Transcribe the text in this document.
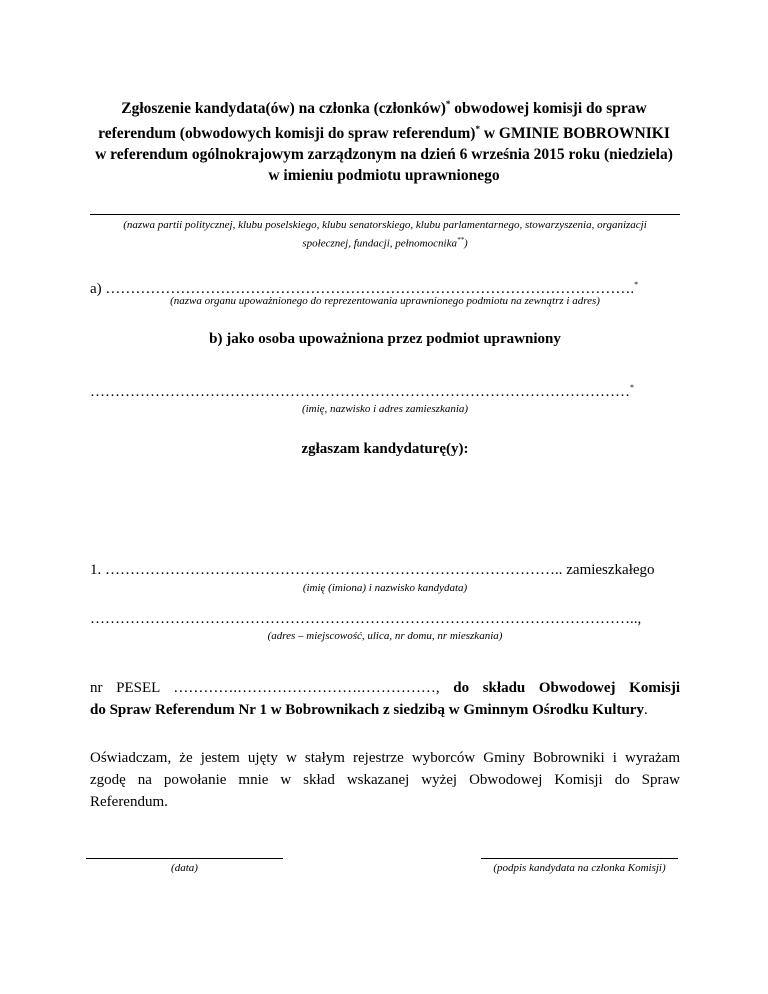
Zgłoszenie kandydata(ów) na członka (członków)* obwodowej komisji do spraw
referendum (obwodowych komisji do spraw referendum)* w GMINIE BOBROWNIKI
w referendum ogólnokrajowym zarządzonym na dzień 6 września 2015 roku (niedziela)
w imieniu podmiotu uprawnionego
(nazwa partii politycznej, klubu poselskiego, klubu senatorskiego, klubu parlamentarnego, stowarzyszenia, organizacji
społecznej, fundacji, pełnomocnika**)
a) …………………………………………………………………………………………….*
(nazwa organu upoważnionego do reprezentowania uprawnionego podmiotu na zewnątrz i adres)
b) jako osoba upoważniona przez podmiot uprawniony
………………………………………………………………………………………………*
(imię, nazwisko i adres zamieszkania)
zgłaszam kandydaturę(y):
1. ……………………………………………………………………………….. zamieszkałego
(imię (imiona) i nazwisko kandydata)
………………………………………………………………………………………………..,
(adres – miejscowość, ulica, nr domu, nr mieszkania)
nr PESEL ………….…………………….……………, do składu Obwodowej Komisji
do Spraw Referendum Nr 1 w Bobrownikach z siedzibą w Gminnym Ośrodku Kultury.
Oświadczam, że jestem ujęty w stałym rejestrze wyborców Gminy Bobrowniki i wyrażam
zgodę na powołanie mnie w skład wskazanej wyżej Obwodowej Komisji do Spraw
Referendum.
(data)	(podpis kandydata na członka Komisji)
